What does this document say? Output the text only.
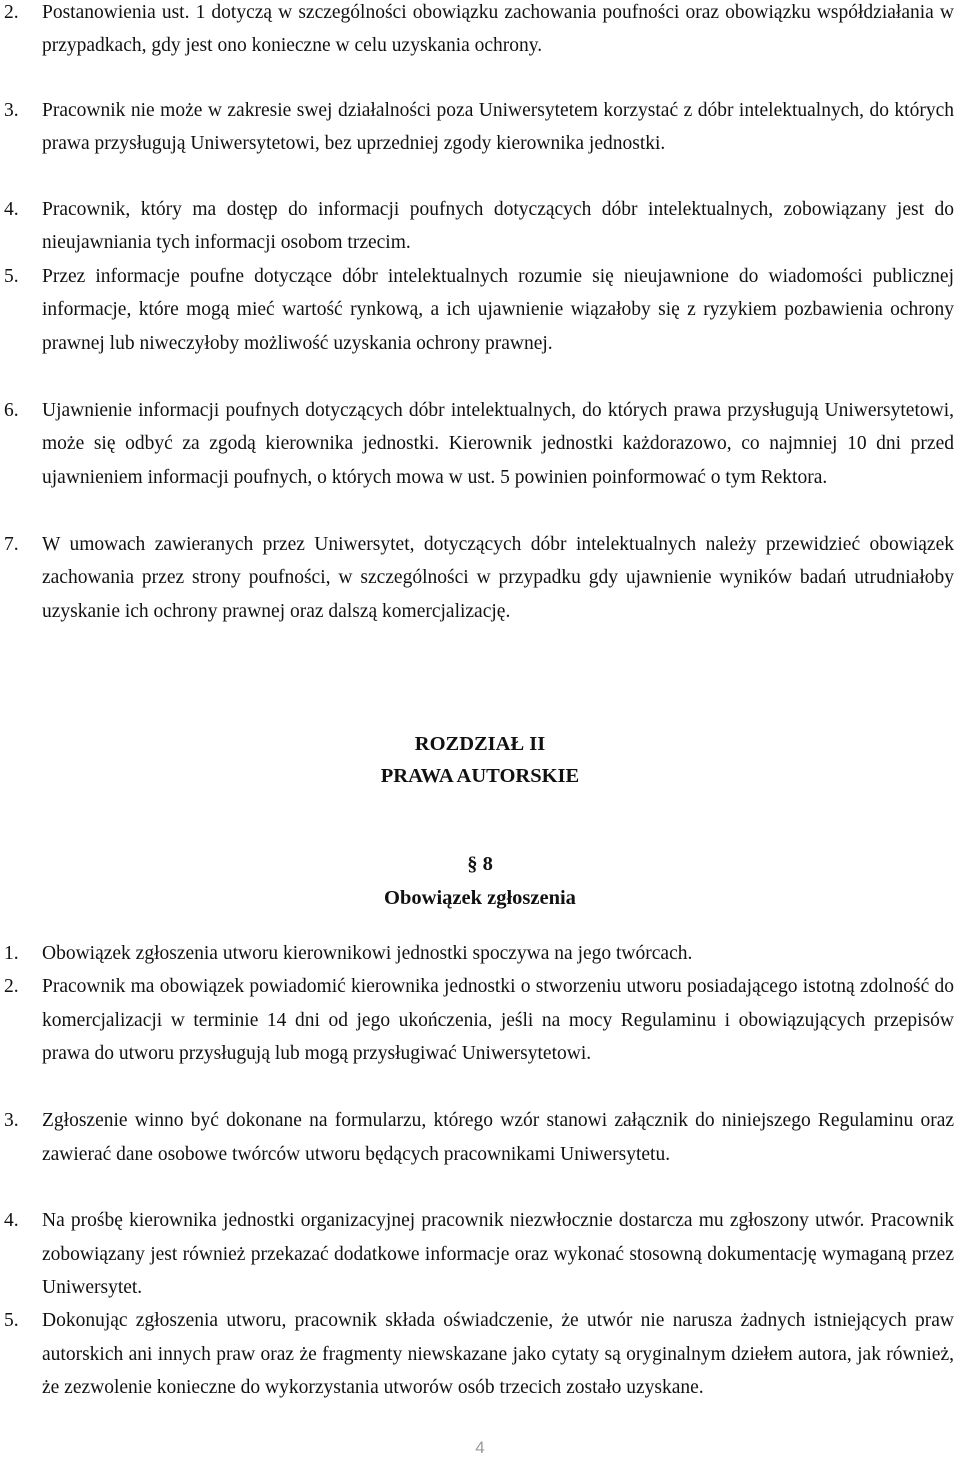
2.	Postanowienia ust. 1 dotyczą w szczególności obowiązku zachowania poufności oraz obowiązku współdziałania w przypadkach, gdy jest ono konieczne w celu uzyskania ochrony.
3.	Pracownik nie może w zakresie swej działalności poza Uniwersytetem korzystać z dóbr intelektualnych, do których prawa przysługują Uniwersytetowi, bez uprzedniej zgody kierownika jednostki.
4.	Pracownik, który ma dostęp do informacji poufnych dotyczących dóbr intelektualnych, zobowiązany jest do nieujawniania tych informacji osobom trzecim.
5.	Przez informacje poufne dotyczące dóbr intelektualnych rozumie się nieujawnione do wiadomości publicznej informacje, które mogą mieć wartość rynkową, a ich ujawnienie wiązałoby się z ryzykiem pozbawienia ochrony prawnej lub niweczyłoby możliwość uzyskania ochrony prawnej.
6.	Ujawnienie informacji poufnych dotyczących dóbr intelektualnych, do których prawa przysługują Uniwersytetowi, może się odbyć za zgodą kierownika jednostki. Kierownik jednostki każdorazowo, co najmniej 10 dni przed ujawnieniem informacji poufnych, o których mowa w ust. 5 powinien poinformować o tym Rektora.
7.	W umowach zawieranych przez Uniwersytet, dotyczących dóbr intelektualnych należy przewidzieć obowiązek zachowania przez strony poufności, w szczególności w przypadku gdy ujawnienie wyników badań utrudniałoby uzyskanie ich ochrony prawnej oraz dalszą komercjalizację.
ROZDZIAŁ II
PRAWA AUTORSKIE
§ 8
Obowiązek zgłoszenia
1.	Obowiązek zgłoszenia utworu kierownikowi jednostki spoczywa na jego twórcach.
2.	Pracownik ma obowiązek powiadomić kierownika jednostki o stworzeniu utworu posiadającego istotną zdolność do komercjalizacji w terminie 14 dni od jego ukończenia, jeśli na mocy Regulaminu i obowiązujących przepisów prawa do utworu przysługują lub mogą przysługiwać Uniwersytetowi.
3.	Zgłoszenie winno być dokonane na formularzu, którego wzór stanowi załącznik do niniejszego Regulaminu oraz zawierać dane osobowe twórców utworu będących pracownikami Uniwersytetu.
4.	Na prośbę kierownika jednostki organizacyjnej pracownik niezwłocznie dostarcza mu zgłoszony utwór. Pracownik zobowiązany jest również przekazać dodatkowe informacje oraz wykonać stosowną dokumentację wymaganą przez Uniwersytet.
5.	Dokonując zgłoszenia utworu, pracownik składa oświadczenie, że utwór nie narusza żadnych istniejących praw autorskich ani innych praw oraz że fragmenty niewskazane jako cytaty są oryginalnym dziełem autora, jak również, że zezwolenie konieczne do wykorzystania utworów osób trzecich zostało uzyskane.
4
